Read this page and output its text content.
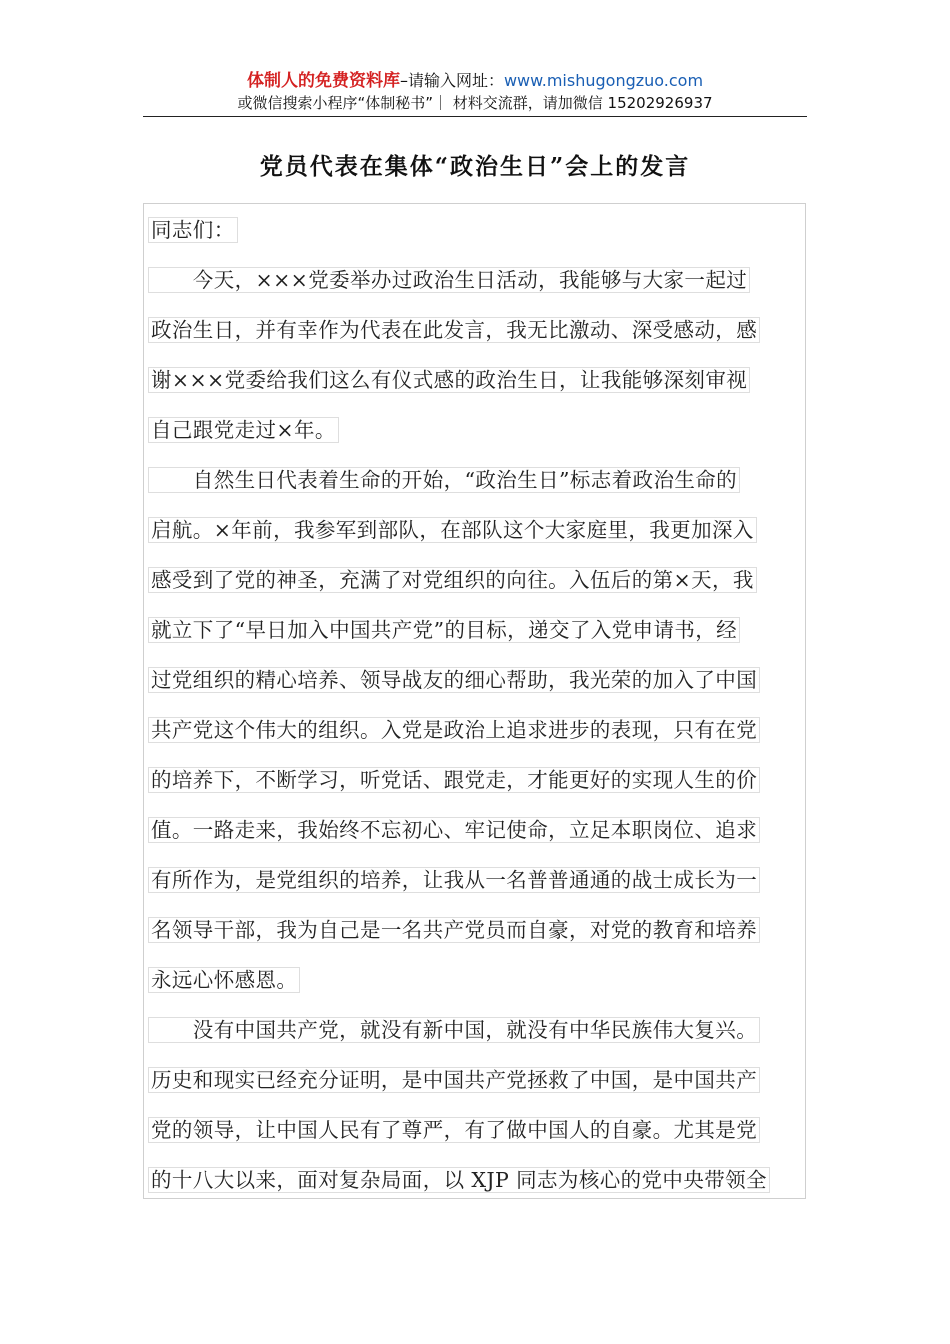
体制人的免费资料库–请输入网址：www.mishugongzuo.com
或微信搜索小程序“体制秘书”｜ 材料交流群，请加微信 15202926937
党员代表在集体“政治生日”会上的发言
同志们：
　　今天，×××党委举办过政治生日活动，我能够与大家一起过
政治生日，并有幸作为代表在此发言，我无比激动、深受感动，感
谢×××党委给我们这么有仪式感的政治生日，让我能够深刻审视
自己跟党走过×年。
　　自然生日代表着生命的开始，“政治生日”标志着政治生命的
启航。×年前，我参军到部队，在部队这个大家庭里，我更加深入
感受到了党的神圣，充满了对党组织的向往。入伍后的第×天，我
就立下了“早日加入中国共产党”的目标，递交了入党申请书，经
过党组织的精心培养、领导战友的细心帮助，我光荣的加入了中国
共产党这个伟大的组织。入党是政治上追求进步的表现，只有在党
的培养下，不断学习，听党话、跟党走，才能更好的实现人生的价
值。一路走来，我始终不忘初心、牢记使命，立足本职岗位、追求
有所作为，是党组织的培养，让我从一名普普通通的战士成长为一
名领导干部，我为自己是一名共产党员而自豪，对党的教育和培养
永远心怀感恩。
　　没有中国共产党，就没有新中国，就没有中华民族伟大复兴。
历史和现实已经充分证明，是中国共产党拯救了中国，是中国共产
党的领导，让中国人民有了尊严，有了做中国人的自豪。尤其是党
的十八大以来，面对复杂局面，以 XJP 同志为核心的党中央带领全
